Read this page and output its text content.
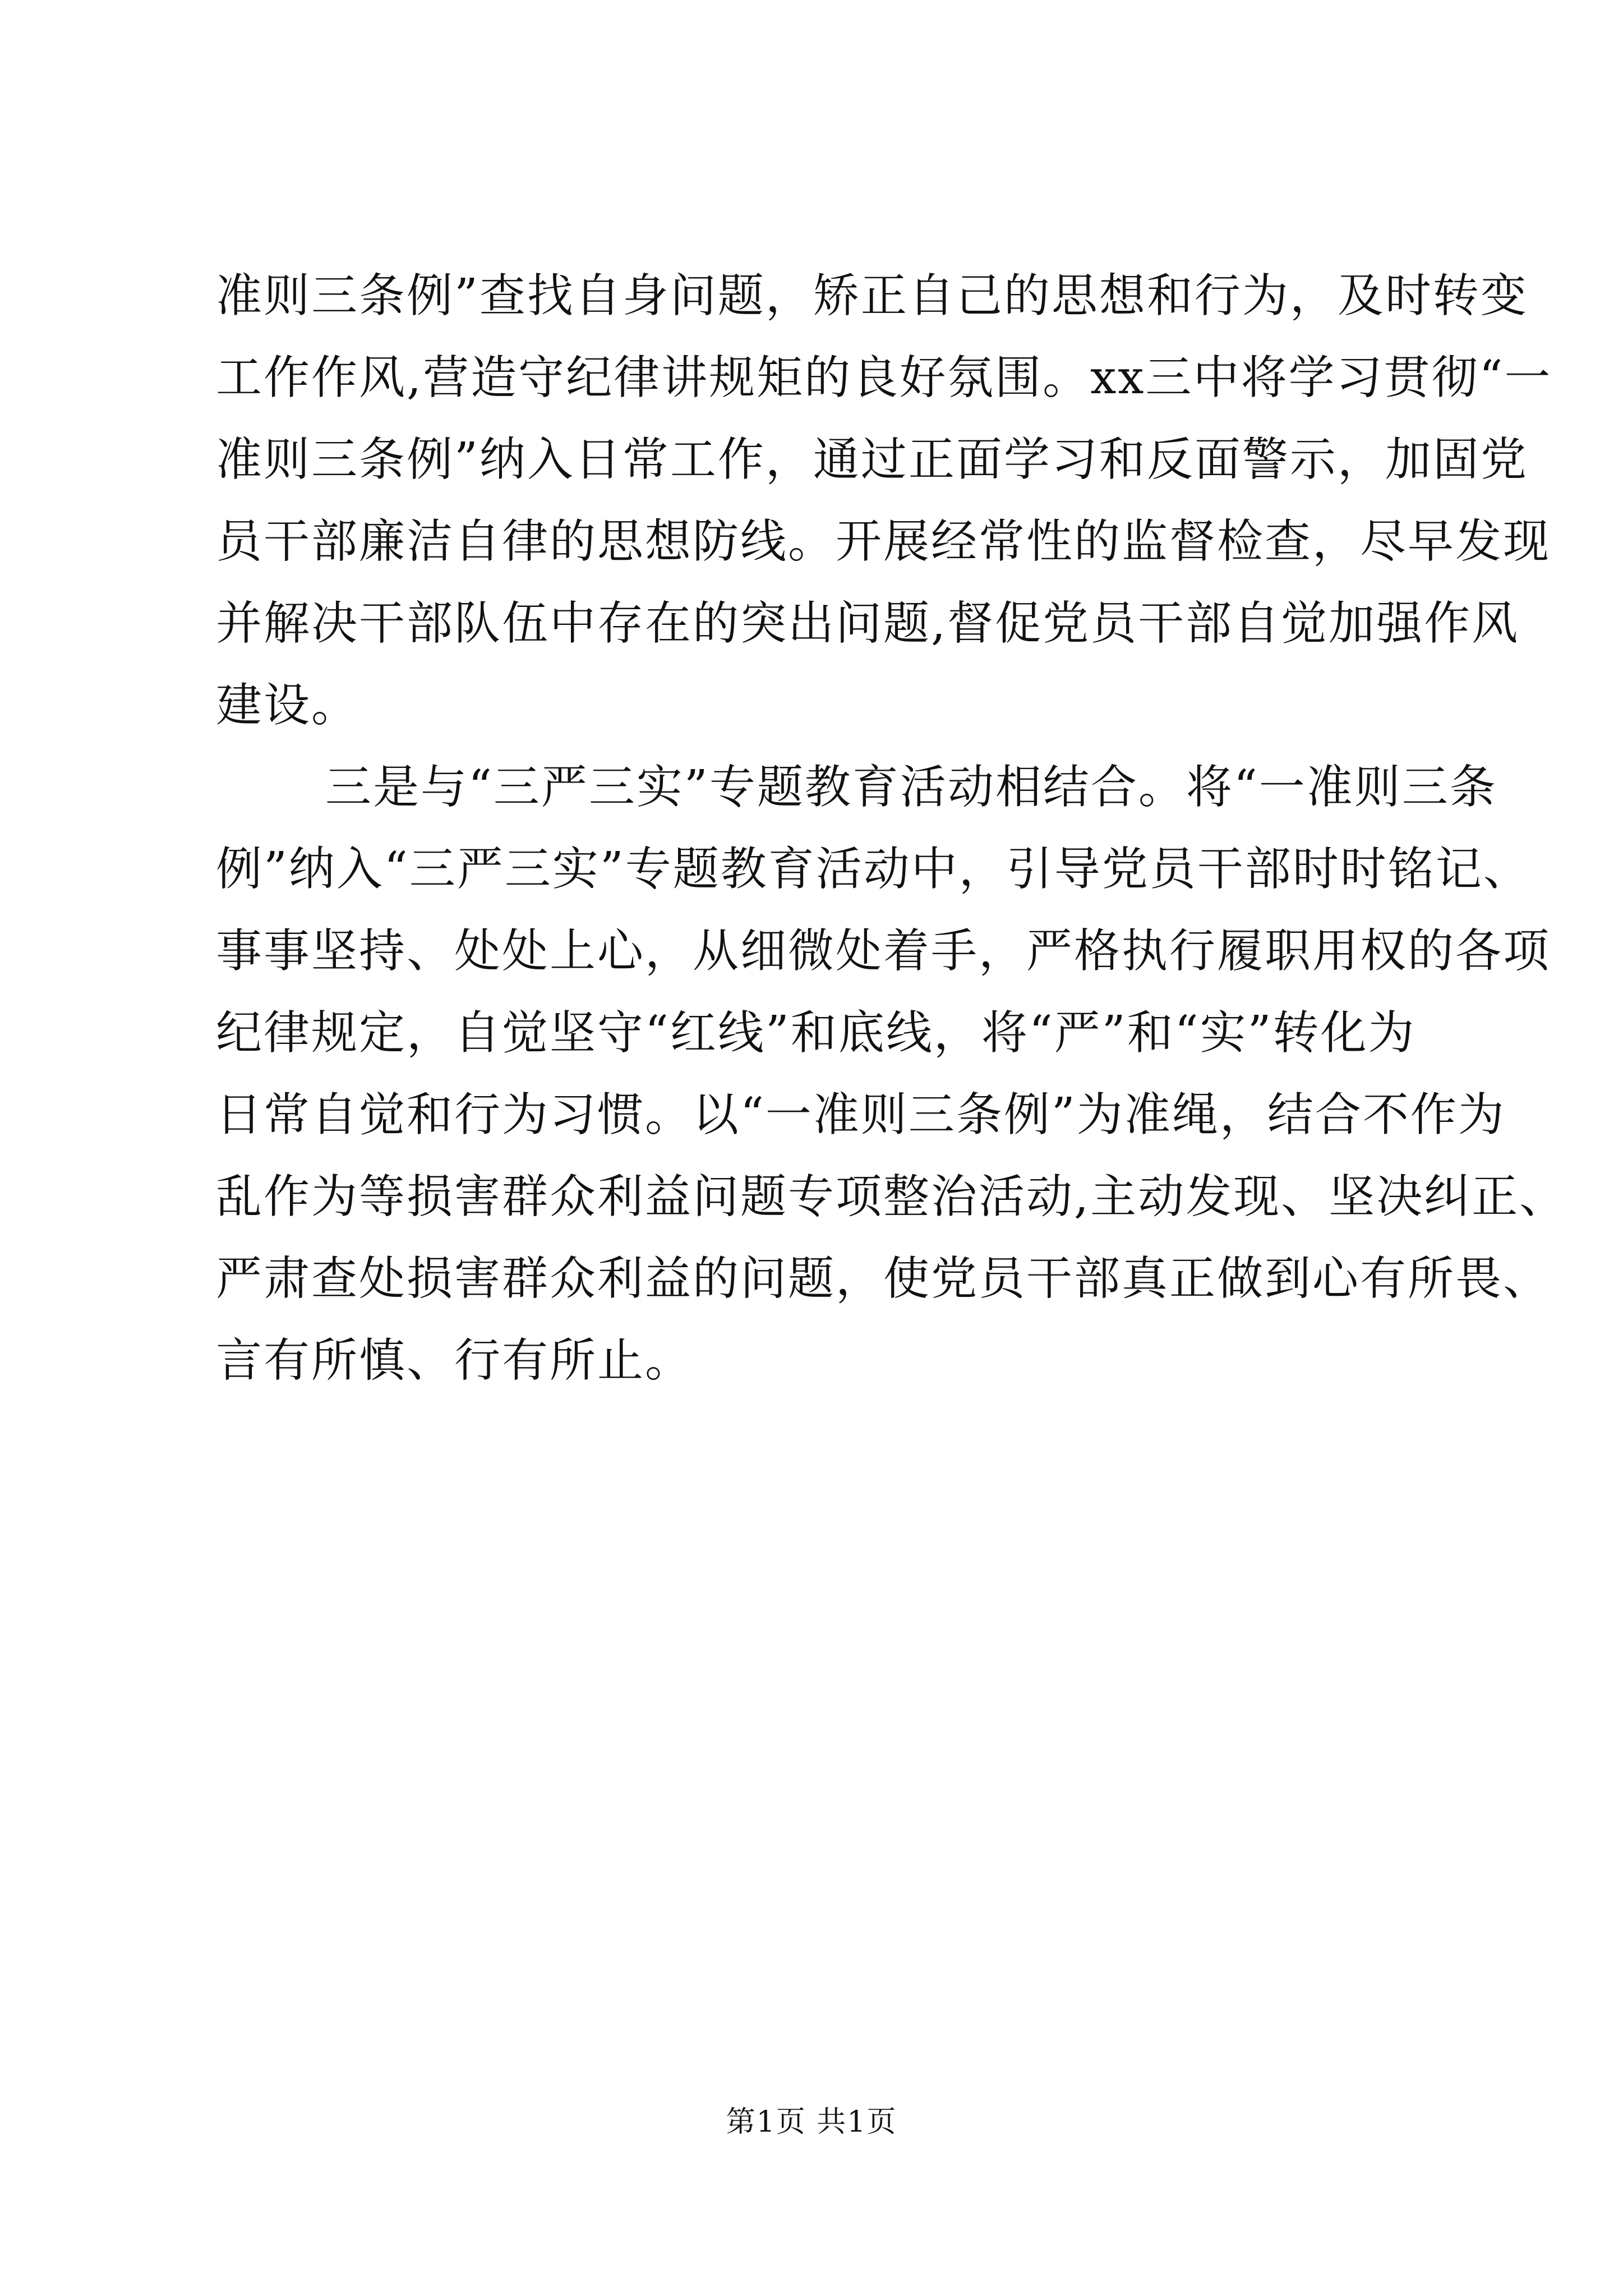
准则三条例”查找自身问题，矫正自己的思想和行为，及时转变
工作作风,营造守纪律讲规矩的良好氛围。xx三中将学习贯彻“一
准则三条例”纳入日常工作，通过正面学习和反面警示，加固党
员干部廉洁自律的思想防线。开展经常性的监督检查，尽早发现
并解决干部队伍中存在的突出问题,督促党员干部自觉加强作风
建设。
三是与“三严三实”专题教育活动相结合。将“一准则三条
例”纳入“三严三实”专题教育活动中，引导党员干部时时铭记、
事事坚持、处处上心，从细微处着手，严格执行履职用权的各项
纪律规定，自觉坚守“红线”和底线，将“严”和“实”转化为
日常自觉和行为习惯。以“一准则三条例”为准绳，结合不作为
乱作为等损害群众利益问题专项整治活动,主动发现、坚决纠正、
严肃查处损害群众利益的问题，使党员干部真正做到心有所畏、
言有所慎、行有所止。
第1页 共1页
